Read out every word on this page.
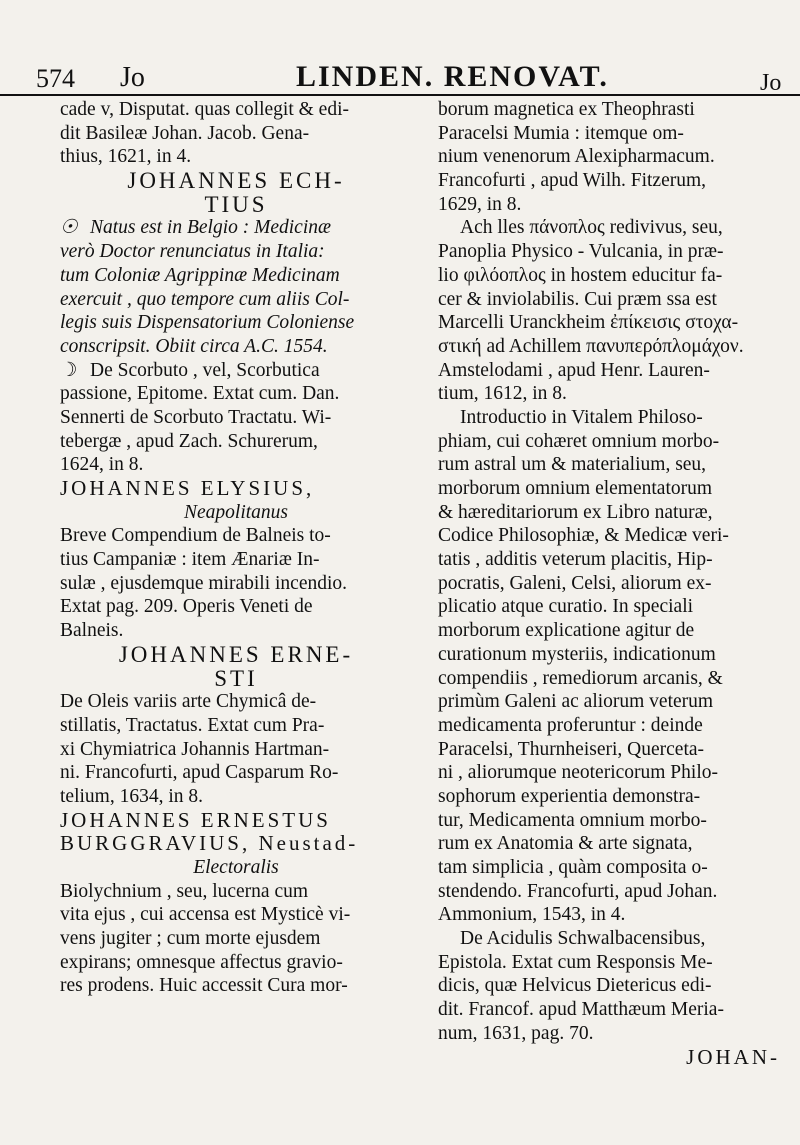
574 Jo	LINDEN. RENOVAT.	Jo
cade v, Disputat. quas collegit & edi-
dit Basileæ Johan. Jacob. Gena-
thius, 1621, in 4.
JOHANNES ECH-
TIUS
☉ Natus est in Belgio : Medicinæ
verò Doctor renunciatus in Italia:
tum Coloniæ Agrippinæ Medicinam
exercuit , quo tempore cum aliis Col-
legis suis Dispensatorium Coloniense
conscripsit. Obiit circa A.C. 1554.
☽ De Scorbuto , vel, Scorbutica
passione, Epitome. Extat cum. Dan.
Sennerti de Scorbuto Tractatu. Wi-
tebergæ , apud Zach. Schurerum,
1624, in 8.
JOHANNES ELYSIUS,
Neapolitanus
Breve Compendium de Balneis to-
tius Campaniæ : item Ænariæ In-
sulæ , ejusdemque mirabili incendio.
Extat pag. 209. Operis Veneti de
Balneis.
JOHANNES ERNE-
STI
De Oleis variis arte Chymicâ de-
stillatis, Tractatus. Extat cum Pra-
xi Chymiatrica Johannis Hartman-
ni. Francofurti, apud Casparum Ro-
telium, 1634, in 8.
JOHANNES ERNESTUS
BURGGRAVIUS, Neustad-
Electoralis
Biolychnium , seu, lucerna cum
vita ejus , cui accensa est Mysticè vi-
vens jugiter ; cum morte ejusdem
expirans; omnesque affectus gravio-
res prodens. Huic accessit Cura mor-
borum magnetica ex Theophrasti
Paracelsi Mumia : itemque om-
nium venenorum Alexipharmacum.
Francofurti , apud Wilh. Fitzerum,
1629, in 8.
Ach lles πάνοπλος redivivus, seu,
Panoplia Physico - Vulcania, in præ-
lio φιλόοπλος in hostem educitur fa-
cer & inviolabilis. Cui præm ssa est
Marcelli Uranckheim ἐπίκεισις στοχα-
στική ad Achillem πανυπερόπλομάχον.
Amstelodami , apud Henr. Lauren-
tium, 1612, in 8.
Introductio in Vitalem Philoso-
phiam, cui cohæret omnium morbo-
rum astral um & materialium, seu,
morborum omnium elementatorum
& hæreditariorum ex Libro naturæ,
Codice Philosophiæ, & Medicæ veri-
tatis , additis veterum placitis, Hip-
pocratis, Galeni, Celsi, aliorum ex-
plicatio atque curatio. In speciali
morborum explicatione agitur de
curationum mysteriis, indicationum
compendiis , remediorum arcanis, &
primùm Galeni ac aliorum veterum
medicamenta proferuntur : deinde
Paracelsi, Thurnheiseri, Querceta-
ni , aliorumque neotericorum Philo-
sophorum experientia demonstra-
tur, Medicamenta omnium morbo-
rum ex Anatomia & arte signata,
tam simplicia , quàm composita o-
stendendo. Francofurti, apud Johan.
Ammonium, 1543, in 4.
De Acidulis Schwalbacensibus,
Epistola. Extat cum Responsis Me-
dicis, quæ Helvicus Dietericus edi-
dit. Francof. apud Matthæum Meria-
num, 1631, pag. 70.
JOHAN-
